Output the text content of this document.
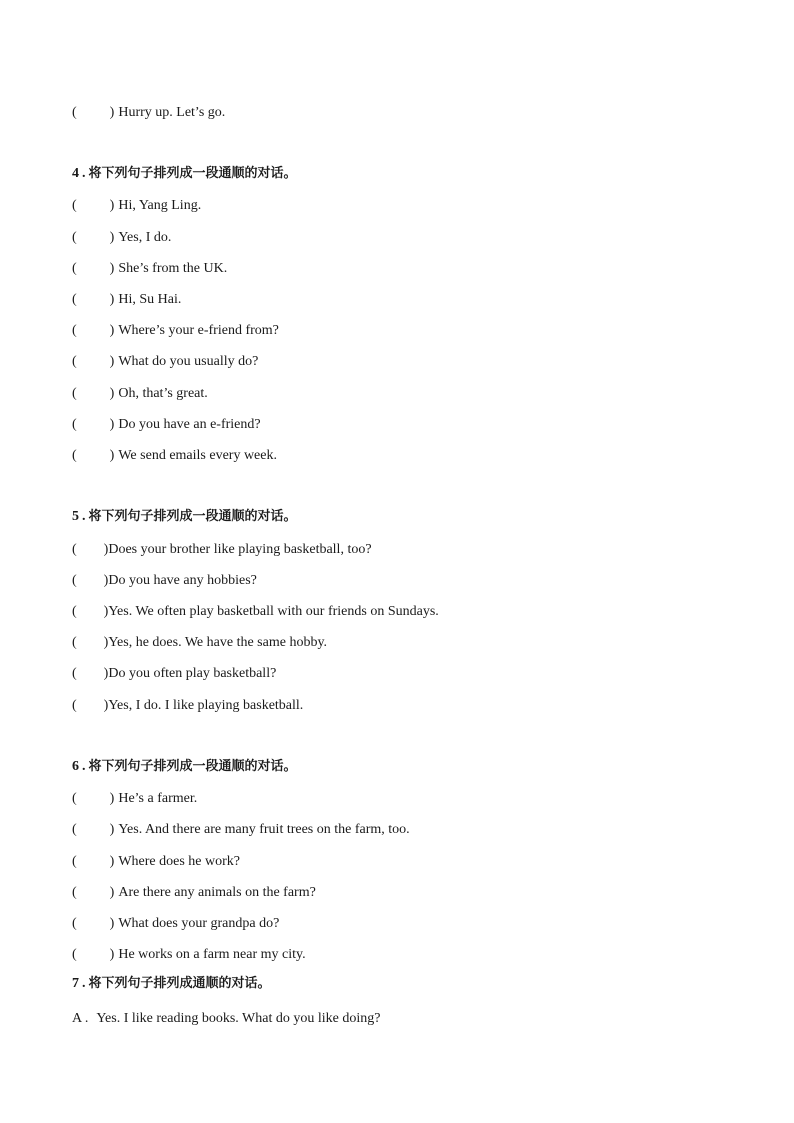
( ) Hurry up. Let’s go.
4 . 将下列句子排列成一段通顺的对话。
( ) Hi, Yang Ling.
( ) Yes, I do.
( ) She’s from the UK.
( ) Hi, Su Hai.
( ) Where’s your e-friend from?
( ) What do you usually do?
( ) Oh, that’s great.
( ) Do you have an e-friend?
( ) We send emails every week.
5 . 将下列句子排列成一段通顺的对话。
( )Does your brother like playing basketball, too?
( )Do you have any hobbies?
( )Yes. We often play basketball with our friends on Sundays.
( )Yes, he does. We have the same hobby.
( )Do you often play basketball?
( )Yes, I do. I like playing basketball.
6 . 将下列句子排列成一段通顺的对话。
( ) He’s a farmer.
( ) Yes. And there are many fruit trees on the farm, too.
( ) Where does he work?
( ) Are there any animals on the farm?
( ) What does your grandpa do?
( ) He works on a farm near my city.
7 . 将下列句子排列成通顺的对话。
A . Yes. I like reading books. What do you like doing?
